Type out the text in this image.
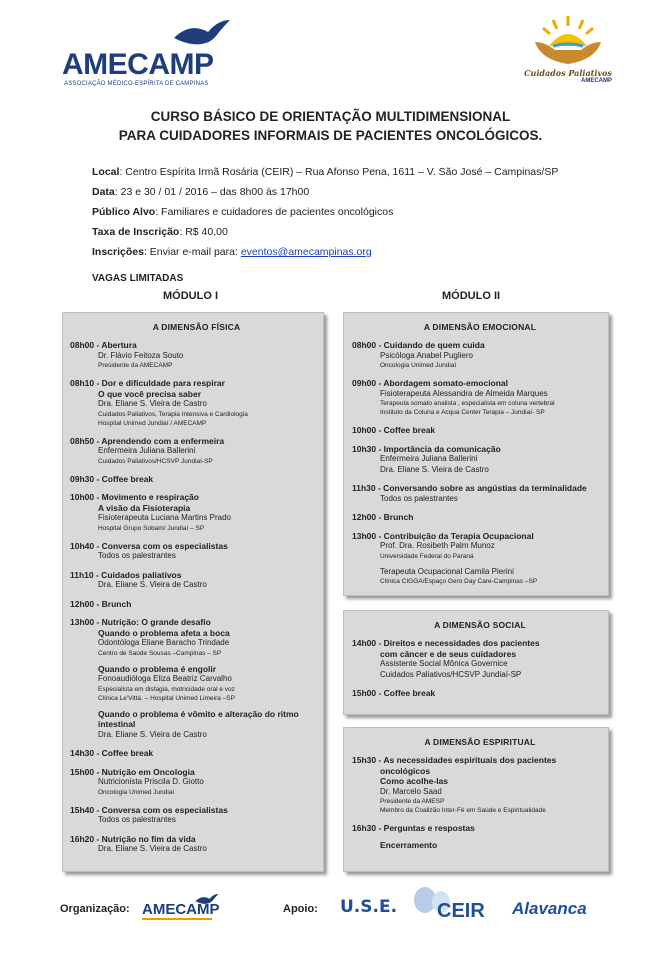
AMECAMP
ASSOCIAÇÃO MÉDICO-ESPÍRITA DE CAMPINAS
Cuidados Paliativos
AMECAMP
CURSO BÁSICO DE ORIENTAÇÃO MULTIDIMENSIONAL
PARA CUIDADORES INFORMAIS DE PACIENTES ONCOLÓGICOS.
Local: Centro Espírita Irmã Rosária (CEIR) – Rua Afonso Pena, 1611 – V. São José – Campinas/SP
Data: 23 e 30 / 01 / 2016 – das 8h00 às 17h00
Público Alvo: Familiares e cuidadores de pacientes oncológicos
Taxa de Inscrição: R$ 40,00
Inscrições: Enviar e-mail para: eventos@amecampinas.org
VAGAS LIMITADAS
MÓDULO I	MÓDULO II
A DIMENSÃO FÍSICA
08h00 - Abertura
Dr. Flávio Feitoza Souto
Presidente da AMECAMP
08h10 - Dor e dificuldade para respirar
O que você precisa saber
Dra. Eliane S. Vieira de Castro
Cuidados Paliativos, Terapia Intensiva e Cardiologia
Hospital Unimed Jundiaí / AMECAMP
08h50 - Aprendendo com a enfermeira
Enfermeira Juliana Ballerini
Cuidados Paliativos/HCSVP Jundiaí-SP
09h30 - Coffee break
10h00 - Movimento e respiração
A visão da Fisioterapia
Fisioterapeuta Luciana Martins Prado
Hospital Grupo Sobam/ Jundiaí – SP
10h40 - Conversa com os especialistas
Todos os palestrantes
11h10 - Cuidados paliativos
Dra. Eliane S. Vieira de Castro
12h00 - Brunch
13h00 - Nutrição: O grande desafio
Quando o problema afeta a boca
Odontóloga Eliane Baracho Trindade
Centro de Saúde Sousas –Campinas – SP
Quando o problema é engolir
Fonoaudióloga Eliza Beatriz Carvalho
Especialista em disfagia, motricidade oral e voz
Clínica Le'Vittá. – Hospital Unimed Limeira –SP
Quando o problema é vômito e alteração do ritmo
intestinal
Dra. Eliane S. Vieira de Castro
14h30 - Coffee break
15h00 - Nutrição em Oncologia
Nutricionista Priscila D. Giotto
Oncologia Unimed Jundiaí
15h40 - Conversa com os especialistas
Todos os palestrantes
16h20 - Nutrição no fim da vida
Dra. Eliane S. Vieira de Castro
A DIMENSÃO EMOCIONAL
08h00 - Cuidando de quem cuida
Psicóloga Anabel Pugliero
Oncologia Unimed Jundiaí
09h00 - Abordagem somato-emocional
Fisioterapeuta Alessandra de Almeida Marques
Terapeuta somato analista , especialista em coluna vertebral
Instituto da Coluna e Acqua Center Terapia – Jundiaí- SP
10h00 - Coffee break
10h30 - Importância da comunicação
Enfermeira Juliana Ballerini
Dra. Eliane S. Vieira de Castro
11h30 - Conversando sobre as angústias da terminalidade
Todos os palestrantes
12h00 - Brunch
13h00 - Contribuição da Terapia Ocupacional
Prof. Dra. Rosibeth Palm Munoz
Universidade Federal do Paraná
Terapeuta Ocupacional Camila Pierini
Clínica CIGGA/Espaço Gero Day Care-Campinas –SP
A DIMENSÃO SOCIAL
14h00 - Direitos e necessidades dos pacientes
com câncer e de seus cuidadores
Assistente Social Mônica Governice
Cuidados Paliativos/HCSVP Jundiaí-SP
15h00 - Coffee break
A DIMENSÃO ESPIRITUAL
15h30 - As necessidades espirituais dos pacientes
oncológicos
Como acolhe-las
Dr. Marcelo Saad
Presidente da AMESP
Membro da Coalizão Inter-Fé em Saúde e Espiritualidade
16h30 - Perguntas e respostas
Encerramento
Organização: AMECAMP	Apoio: U.S.E. CEIR Alavanca
